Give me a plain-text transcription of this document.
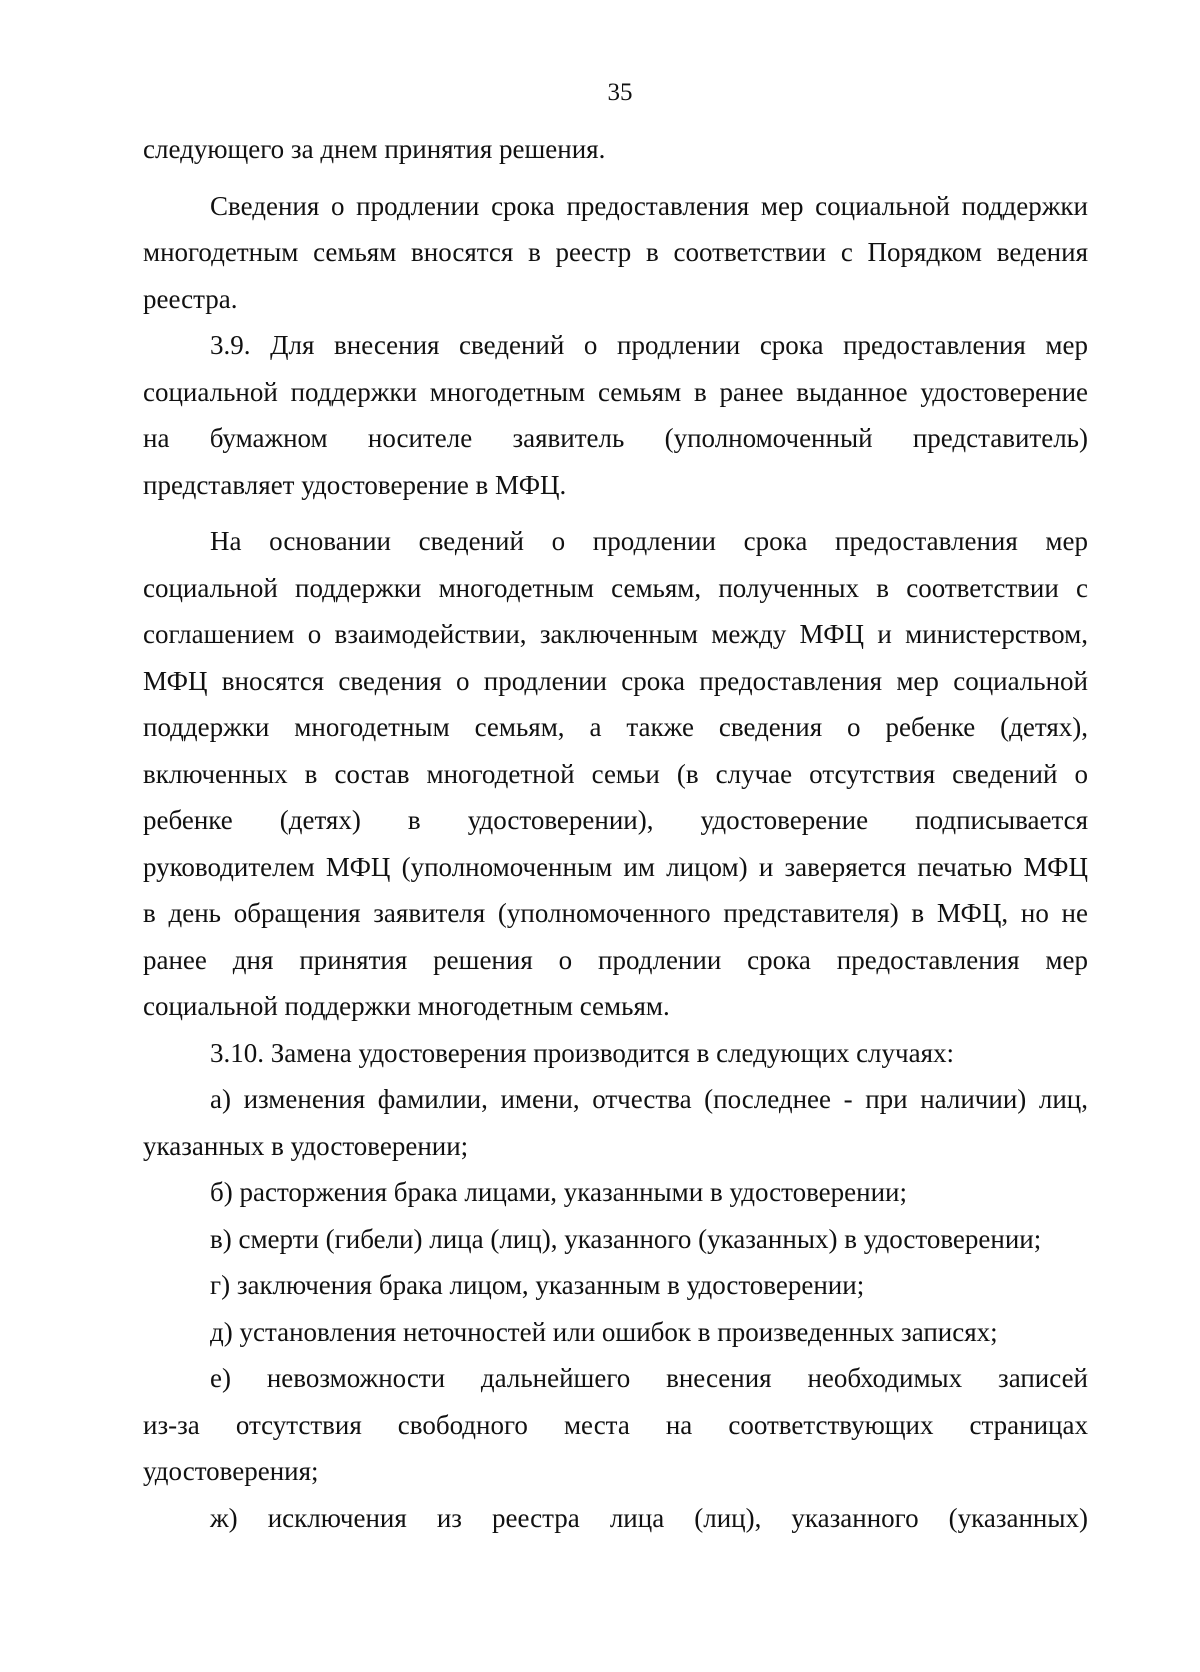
35
следующего за днем принятия решения.
Сведения о продлении срока предоставления мер социальной поддержки
многодетным семьям вносятся в реестр в соответствии с Порядком ведения
реестра.
3.9. Для внесения сведений о продлении срока предоставления мер
социальной поддержки многодетным семьям в ранее выданное удостоверение
на бумажном носителе заявитель (уполномоченный представитель)
представляет удостоверение в МФЦ.
На основании сведений о продлении срока предоставления мер
социальной поддержки многодетным семьям, полученных в соответствии с
соглашением о взаимодействии, заключенным между МФЦ и министерством,
МФЦ вносятся сведения о продлении срока предоставления мер социальной
поддержки многодетным семьям, а также сведения о ребенке (детях),
включенных в состав многодетной семьи (в случае отсутствия сведений о
ребенке (детях) в удостоверении), удостоверение подписывается
руководителем МФЦ (уполномоченным им лицом) и заверяется печатью МФЦ
в день обращения заявителя (уполномоченного представителя) в МФЦ, но не
ранее дня принятия решения о продлении срока предоставления мер
социальной поддержки многодетным семьям.
3.10. Замена удостоверения производится в следующих случаях:
а) изменения фамилии, имени, отчества (последнее - при наличии) лиц,
указанных в удостоверении;
б) расторжения брака лицами, указанными в удостоверении;
в) смерти (гибели) лица (лиц), указанного (указанных) в удостоверении;
г) заключения брака лицом, указанным в удостоверении;
д) установления неточностей или ошибок в произведенных записях;
е) невозможности дальнейшего внесения необходимых записей
из-за отсутствия свободного места на соответствующих страницах
удостоверения;
ж) исключения из реестра лица (лиц), указанного (указанных)
